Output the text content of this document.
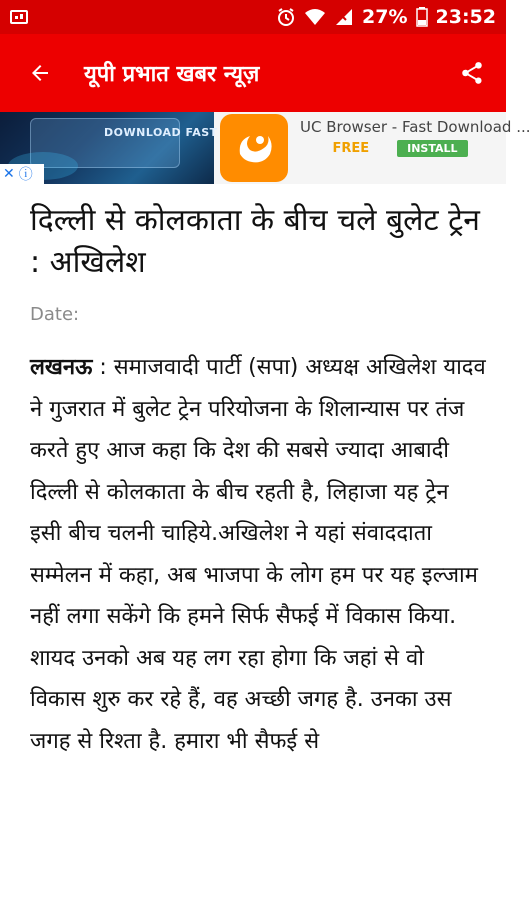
27% 23:52
यूपी प्रभात खबर न्यूज़
DOWNLOAD FAST
✕ ⓘ
UC Browser - Fast Download ...
FREE	INSTALL
दिल्ली से कोलकाता के बीच चले बुलेट ट्रेन : अखिलेश
Date:

लखनऊ : समाजवादी पार्टी (सपा) अध्यक्ष अखिलेश यादव ने गुजरात में बुलेट ट्रेन परियोजना के शिलान्यास पर तंज करते हुए आज कहा कि देश की सबसे ज्यादा आबादी दिल्ली से कोलकाता के बीच रहती है, लिहाजा यह ट्रेन इसी बीच चलनी चाहिये.अखिलेश ने यहां संवाददाता सम्मेलन में कहा, अब भाजपा के लोग हम पर यह इल्जाम नहीं लगा सकेंगे कि हमने सिर्फ सैफई में विकास किया. शायद उनको अब यह लग रहा होगा कि जहां से वो विकास शुरु कर रहे हैं, वह अच्छी जगह है. उनका उस जगह से रिश्ता है. हमारा भी सैफई से
